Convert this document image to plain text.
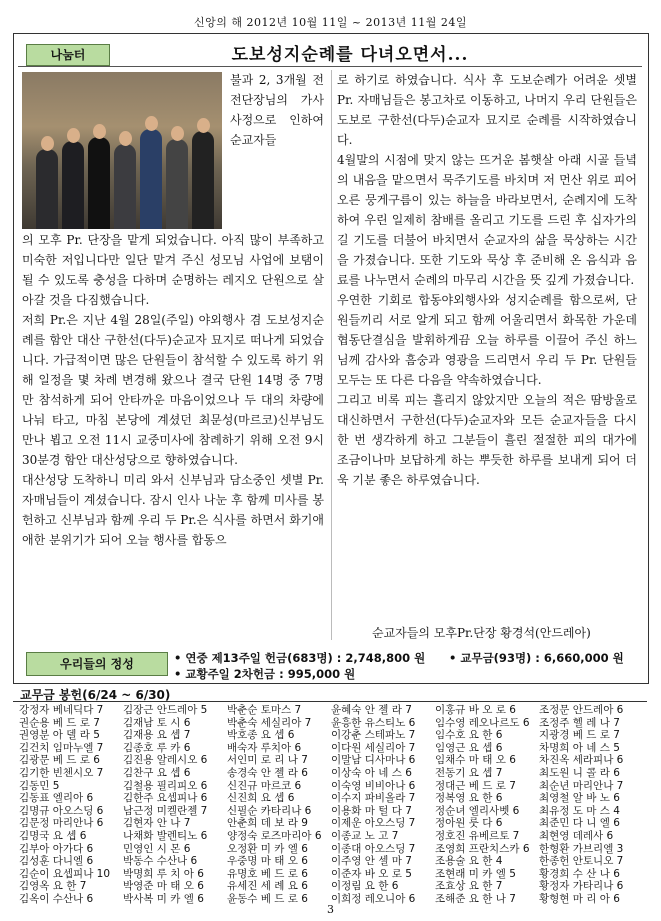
신앙의 해 2012년 10월 11일 ~ 2013년 11월 24일
나눔터	도보성지순례를 다녀오면서...
불과 2, 3개월 전 전단장님의 가사 사정으로 인하여 순교자들

의 모후 Pr. 단장을 맡게 되었습니다. 아직 많이 부족하고 미숙한 저입니다만 일단 맡겨 주신 성모님 사업에 보탬이 될 수 있도록 충성을 다하며 순명하는 레지오 단원으로 살아갈 것을 다짐했습니다.

저희 Pr.은 지난 4월 28일(주일) 야외행사 겸 도보성지순례를 함안 대산 구한선(다두)순교자 묘지로 떠나게 되었습니다. 가급적이면 많은 단원들이 참석할 수 있도록 하기 위해 일정을 몇 차례 변경해 왔으나 결국 단원 14명 중 7명만 참석하게 되어 안타까운 마음이었으나 두 대의 차량에 나눠 타고, 마침 본당에 계셨던 최문성(마르코)신부님도 만나 뵙고 오전 11시 교중미사에 참례하기 위해 오전 9시 30분경 함안 대산성당으로 향하였습니다.

대산성당 도착하니 미리 와서 신부님과 담소중인 셋별 Pr. 자매님들이 계셨습니다. 잠시 인사 나눈 후 함께 미사를 봉헌하고 신부님과 함께 우리 두 Pr.은 식사를 하면서 화기애애한 분위기가 되어 오늘 행사를 합동으

로 하기로 하였습니다. 식사 후 도보순례가 어려운 셋별 Pr. 자매님들은 봉고차로 이동하고, 나머지 우리 단원들은 도보로 구한선(다두)순교자 묘지로 순례를 시작하였습니다.

4월말의 시점에 맞지 않는 뜨거운 봄햇살 아래 시골 들녘의 내음을 맡으면서 묵주기도를 바치며 저 먼산 위로 피어오른 뭉게구름이 있는 하늘을 바라보면서, 순례지에 도착하여 우린 일제히 참배를 올리고 기도를 드린 후 십자가의 길 기도를 더불어 바치면서 순교자의 삶을 묵상하는 시간을 가졌습니다. 또한 기도와 묵상 후 준비해 온 음식과 음료를 나누면서 순례의 마무리 시간을 뜻 깊게 가졌습니다.

우연한 기회로 합동야외행사와 성지순례를 함으로써, 단원들끼리 서로 알게 되고 함께 어울리면서 화목한 가운데 협동단결심을 발휘하게끔 오늘 하루를 이끌어 주신 하느님께 감사와 흠숭과 영광을 드리면서 우리 두 Pr. 단원들 모두는 또 다른 다음을 약속하였습니다.

그리고 비록 피는 흘리지 않았지만 오늘의 적은 땀방울로 대신하면서 구한선(다두)순교자와 모든 순교자들을 다시 한 번 생각하게 하고 그분들이 흘린 절절한 피의 대가에 조금이나마 보답하게 하는 뿌듯한 하루를 보내게 되어 더욱 기분 좋은 하루였습니다.

순교자들의 모후Pr.단장 황경석(안드레아)
우리들의 정성	• 연중 제13주일 헌금(683명) : 2,748,800 원 • 교무금(93명) : 6,660,000 원
• 교황주일 2차헌금 : 995,000 원
교무금 봉헌(6/24 ~ 6/30)
강정자 베네딕다 7
권순용 베 드 로 7
권영분 아 델 라 5
김건치 임마누엘 7
김광문 베 드 로 6
김기한 빈첸시오 7
김동민 5
김동표 엘리아 6
김명규 아오스딩 6
김문정 마리안나 6
김명국 요 셉 6
김부아 아가다 6
김성훈 다니엘 6
김순이 요셉피나 10
김영옥 요 한 7
김옥이 수산나 6
김장근 안드레아 5
김재남 토 시 6
김재용 요 셉 7
김종호 루 카 6
김진용 알레시오 6
김찬구 요 셉 6
김철용 필리피오 6
김한주 요셉피나 6
남근정 미켈란젤 7
김현자 안 나 7
나채화 발렌티노 6
민영인 시 몬 6
박동수 수산나 6
박명희 루 치 아 6
박영준 마 태 오 6
박사복 미 카 엘 6
박춘순 토마스 7
박춘숙 세실리아 7
박호종 요 셉 6
배숙자 루치아 6
서인미 로 리 나 7
송경숙 안 젤 라 6
신진규 마르코 6
신진희 요 셉 6
신필순 카타리나 6
안춘희 데 보 라 9
양정숙 로즈마리아 6
오정환 미 카 엘 6
우중명 마 태 오 6
유명호 베 드 로 6
유세진 세 례 요 6
윤동수 베 드 로 6
윤혜숙 안 젤 라 7
윤흥한 유스티노 6
이강춘 스테파노 7
이다원 세실리아 7
이말남 디사마나 6
이상숙 아 네 스 6
이숙영 비비아나 6
이수지 파비올라 7
이용화 마 털 다 7
이제운 아오스딩 7
이종교 노 고 7
이종대 아오스딩 7
이주영 안 셀 마 7
이준자 바 오 로 5
이정림 요 한 6
이희정 레오니아 6
이홍규 바 오 로 6
임수영 레오나르도 6
임수호 요 한 6
임영근 요 셉 6
임채수 마 태 오 6
전동기 요 셉 7
정대근 베 드 로 7
정복영 요 한 6
정순녀 엘리사벳 6
정아원 룻 다 6
정호진 유베르토 7
조영희 프란치스카 6
조용술 요 한 4
조현래 미 카 엘 5
조효상 요 한 7
조해준 요 한 나 7
조정문 안드레아 6
조정주 헬 레 나 7
지광경 베 드 로 7
차명희 아 네 스 5
차진옥 세라피나 6
최도원 니 콜 라 6
최순년 마리안나 7
최영철 알 바 노 6
최유정 도 마 스 4
최준민 다 니 엘 6
최현영 데레사 6
한형환 가브리엘 3
한종헌 안토니오 7
황경희 수 산 나 6
황정자 가타리나 6
황형현 마 리 아 6
3
